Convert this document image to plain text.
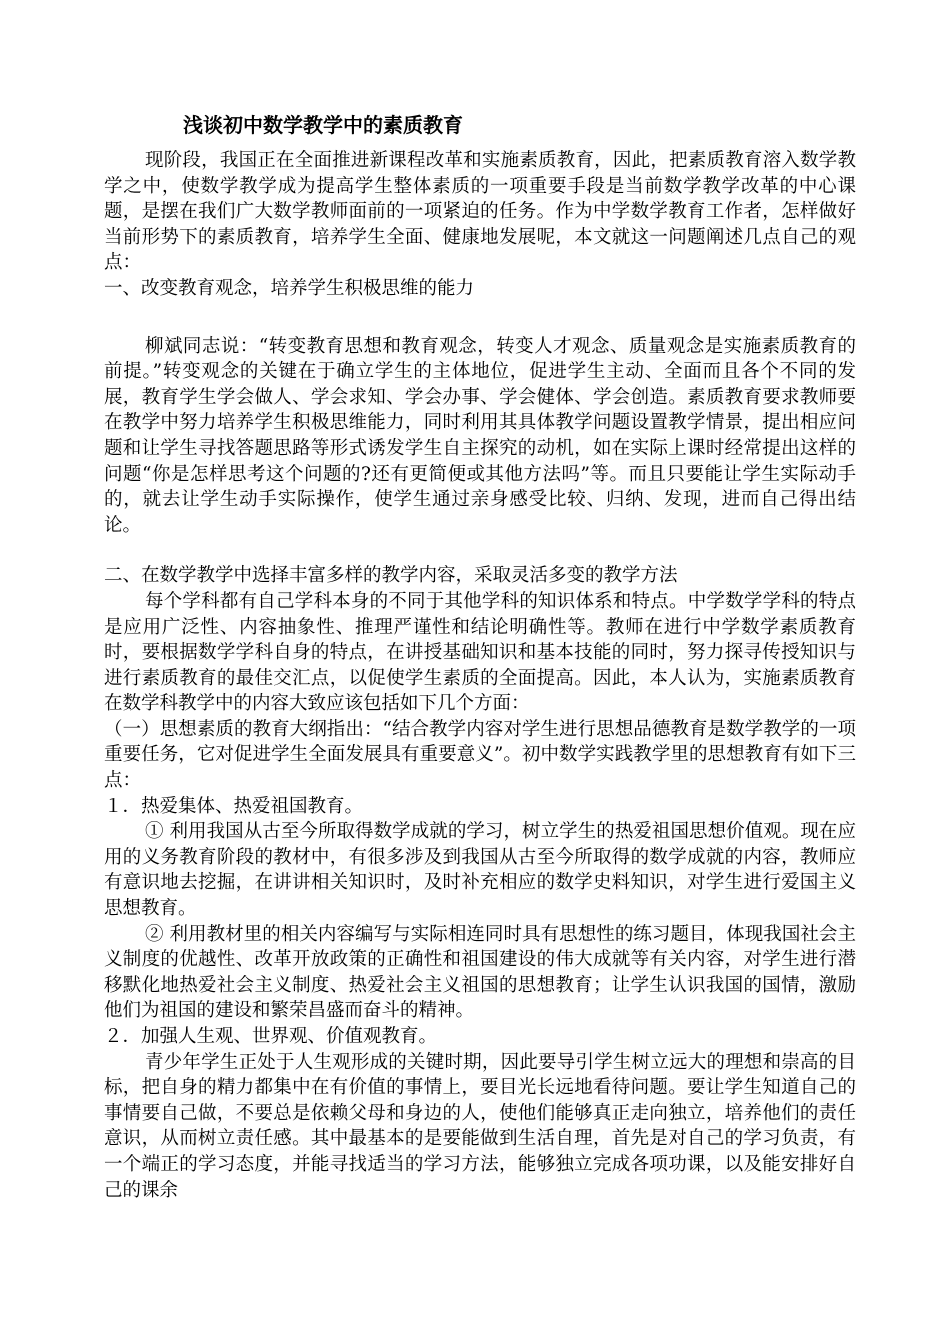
浅谈初中数学教学中的素质教育

现阶段，我国正在全面推进新课程改革和实施素质教育，因此，把素质教育溶入数学教学之中，使数学教学成为提高学生整体素质的一项重要手段是当前数学教学改革的中心课题，是摆在我们广大数学教师面前的一项紧迫的任务。作为中学数学教育工作者，怎样做好当前形势下的素质教育，培养学生全面、健康地发展呢，本文就这一问题阐述几点自己的观点：

一、改变教育观念，培养学生积极思维的能力

柳斌同志说：“转变教育思想和教育观念，转变人才观念、质量观念是实施素质教育的前提。”转变观念的关键在于确立学生的主体地位，促进学生主动、全面而且各个不同的发展，教育学生学会做人、学会求知、学会办事、学会健体、学会创造。素质教育要求教师要在教学中努力培养学生积极思维能力，同时利用其具体教学问题设置教学情景，提出相应问题和让学生寻找答题思路等形式诱发学生自主探究的动机，如在实际上课时经常提出这样的问题“你是怎样思考这个问题的?还有更简便或其他方法吗”等。而且只要能让学生实际动手的，就去让学生动手实际操作，使学生通过亲身感受比较、归纳、发现，进而自己得出结论。

二、在数学教学中选择丰富多样的教学内容，采取灵活多变的教学方法

每个学科都有自己学科本身的不同于其他学科的知识体系和特点。中学数学学科的特点是应用广泛性、内容抽象性、推理严谨性和结论明确性等。教师在进行中学数学素质教育时，要根据数学学科自身的特点，在讲授基础知识和基本技能的同时，努力探寻传授知识与进行素质教育的最佳交汇点，以促使学生素质的全面提高。因此，本人认为，实施素质教育在数学科教学中的内容大致应该包括如下几个方面：

（一）思想素质的教育大纲指出：“结合教学内容对学生进行思想品德教育是数学教学的一项重要任务，它对促进学生全面发展具有重要意义”。初中数学实践教学里的思想教育有如下三点：

１．热爱集体、热爱祖国教育。

① 利用我国从古至今所取得数学成就的学习，树立学生的热爱祖国思想价值观。现在应用的义务教育阶段的教材中，有很多涉及到我国从古至今所取得的数学成就的内容，教师应有意识地去挖掘，在讲讲相关知识时，及时补充相应的数学史料知识，对学生进行爱国主义思想教育。

② 利用教材里的相关内容编写与实际相连同时具有思想性的练习题目，体现我国社会主义制度的优越性、改革开放政策的正确性和祖国建设的伟大成就等有关内容，对学生进行潜移默化地热爱社会主义制度、热爱社会主义祖国的思想教育；让学生认识我国的国情，激励他们为祖国的建设和繁荣昌盛而奋斗的精神。

２．加强人生观、世界观、价值观教育。

青少年学生正处于人生观形成的关键时期，因此要导引学生树立远大的理想和崇高的目标，把自身的精力都集中在有价值的事情上，要目光长远地看待问题。要让学生知道自己的事情要自己做，不要总是依赖父母和身边的人，使他们能够真正走向独立，培养他们的责任意识，从而树立责任感。其中最基本的是要能做到生活自理，首先是对自己的学习负责，有一个端正的学习态度，并能寻找适当的学习方法，能够独立完成各项功课，以及能安排好自己的课余
